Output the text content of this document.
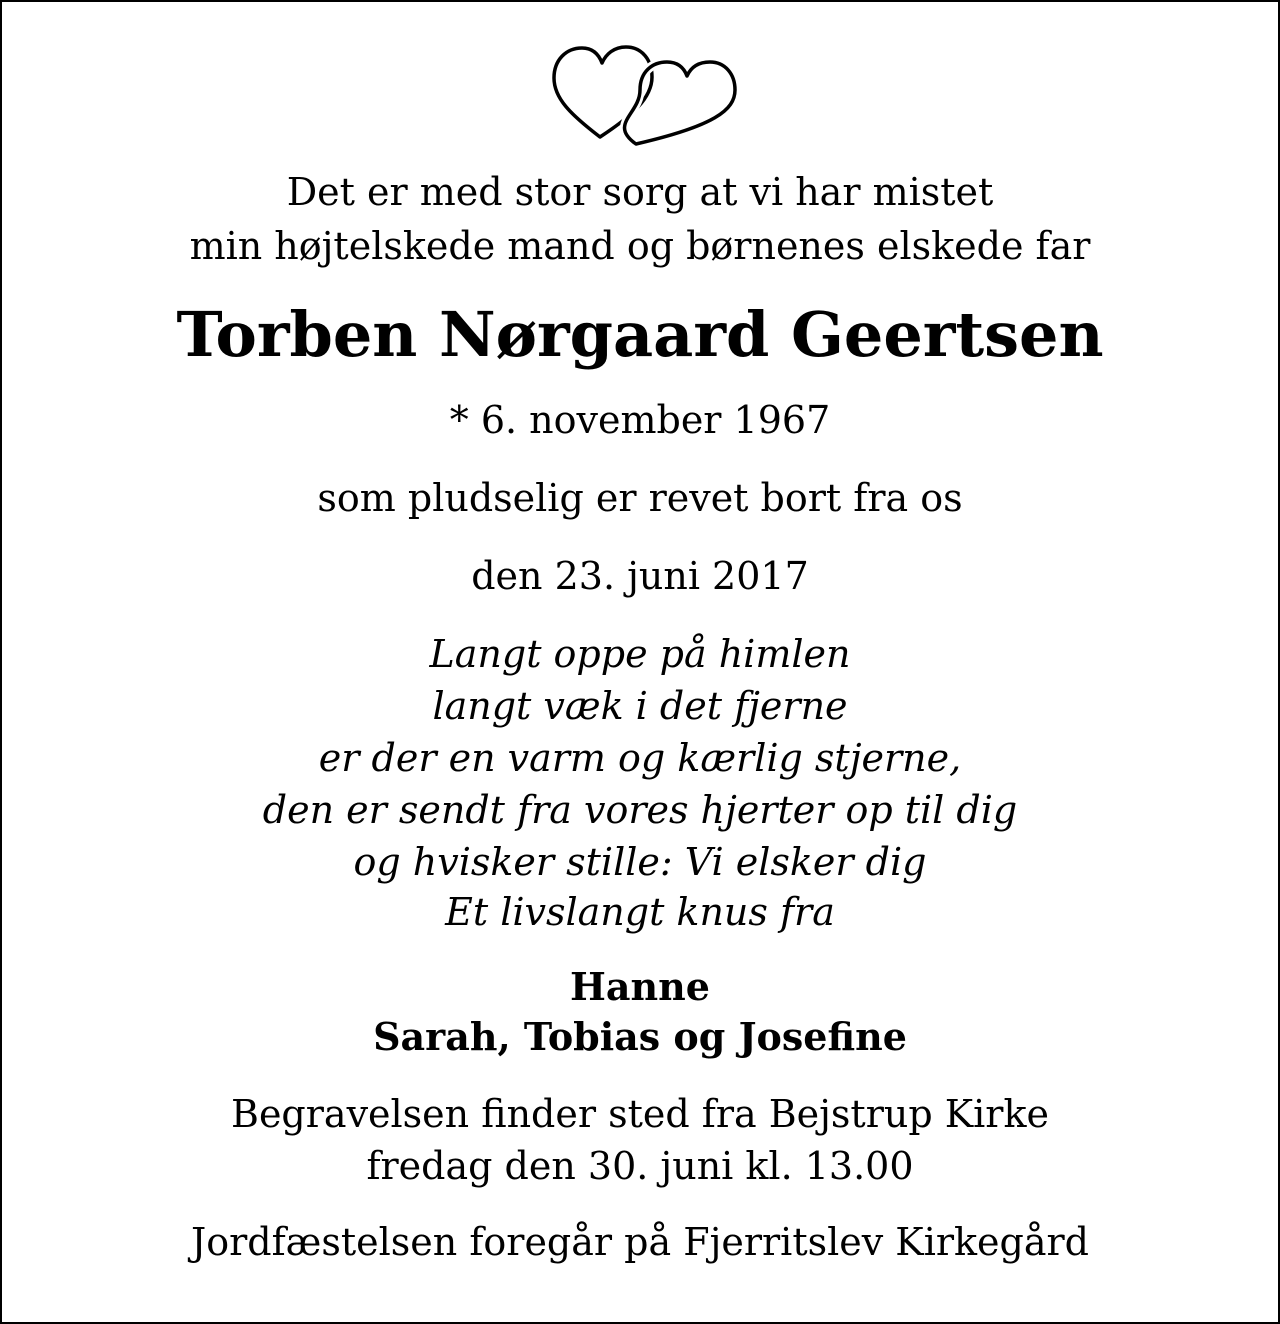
Det er med stor sorg at vi har mistet

min højtelskede mand og børnenes elskede far

Torben Nørgaard Geertsen

* 6. november 1967

som pludselig er revet bort fra os

den 23. juni 2017

Langt oppe på himlen

langt væk i det fjerne

er der en varm og kærlig stjerne,

den er sendt fra vores hjerter op til dig

og hvisker stille: Vi elsker dig

Et livslangt knus fra

Hanne

Sarah, Tobias og Josefine

Begravelsen finder sted fra Bejstrup Kirke

fredag den 30. juni kl. 13.00

Jordfæstelsen foregår på Fjerritslev Kirkegård
